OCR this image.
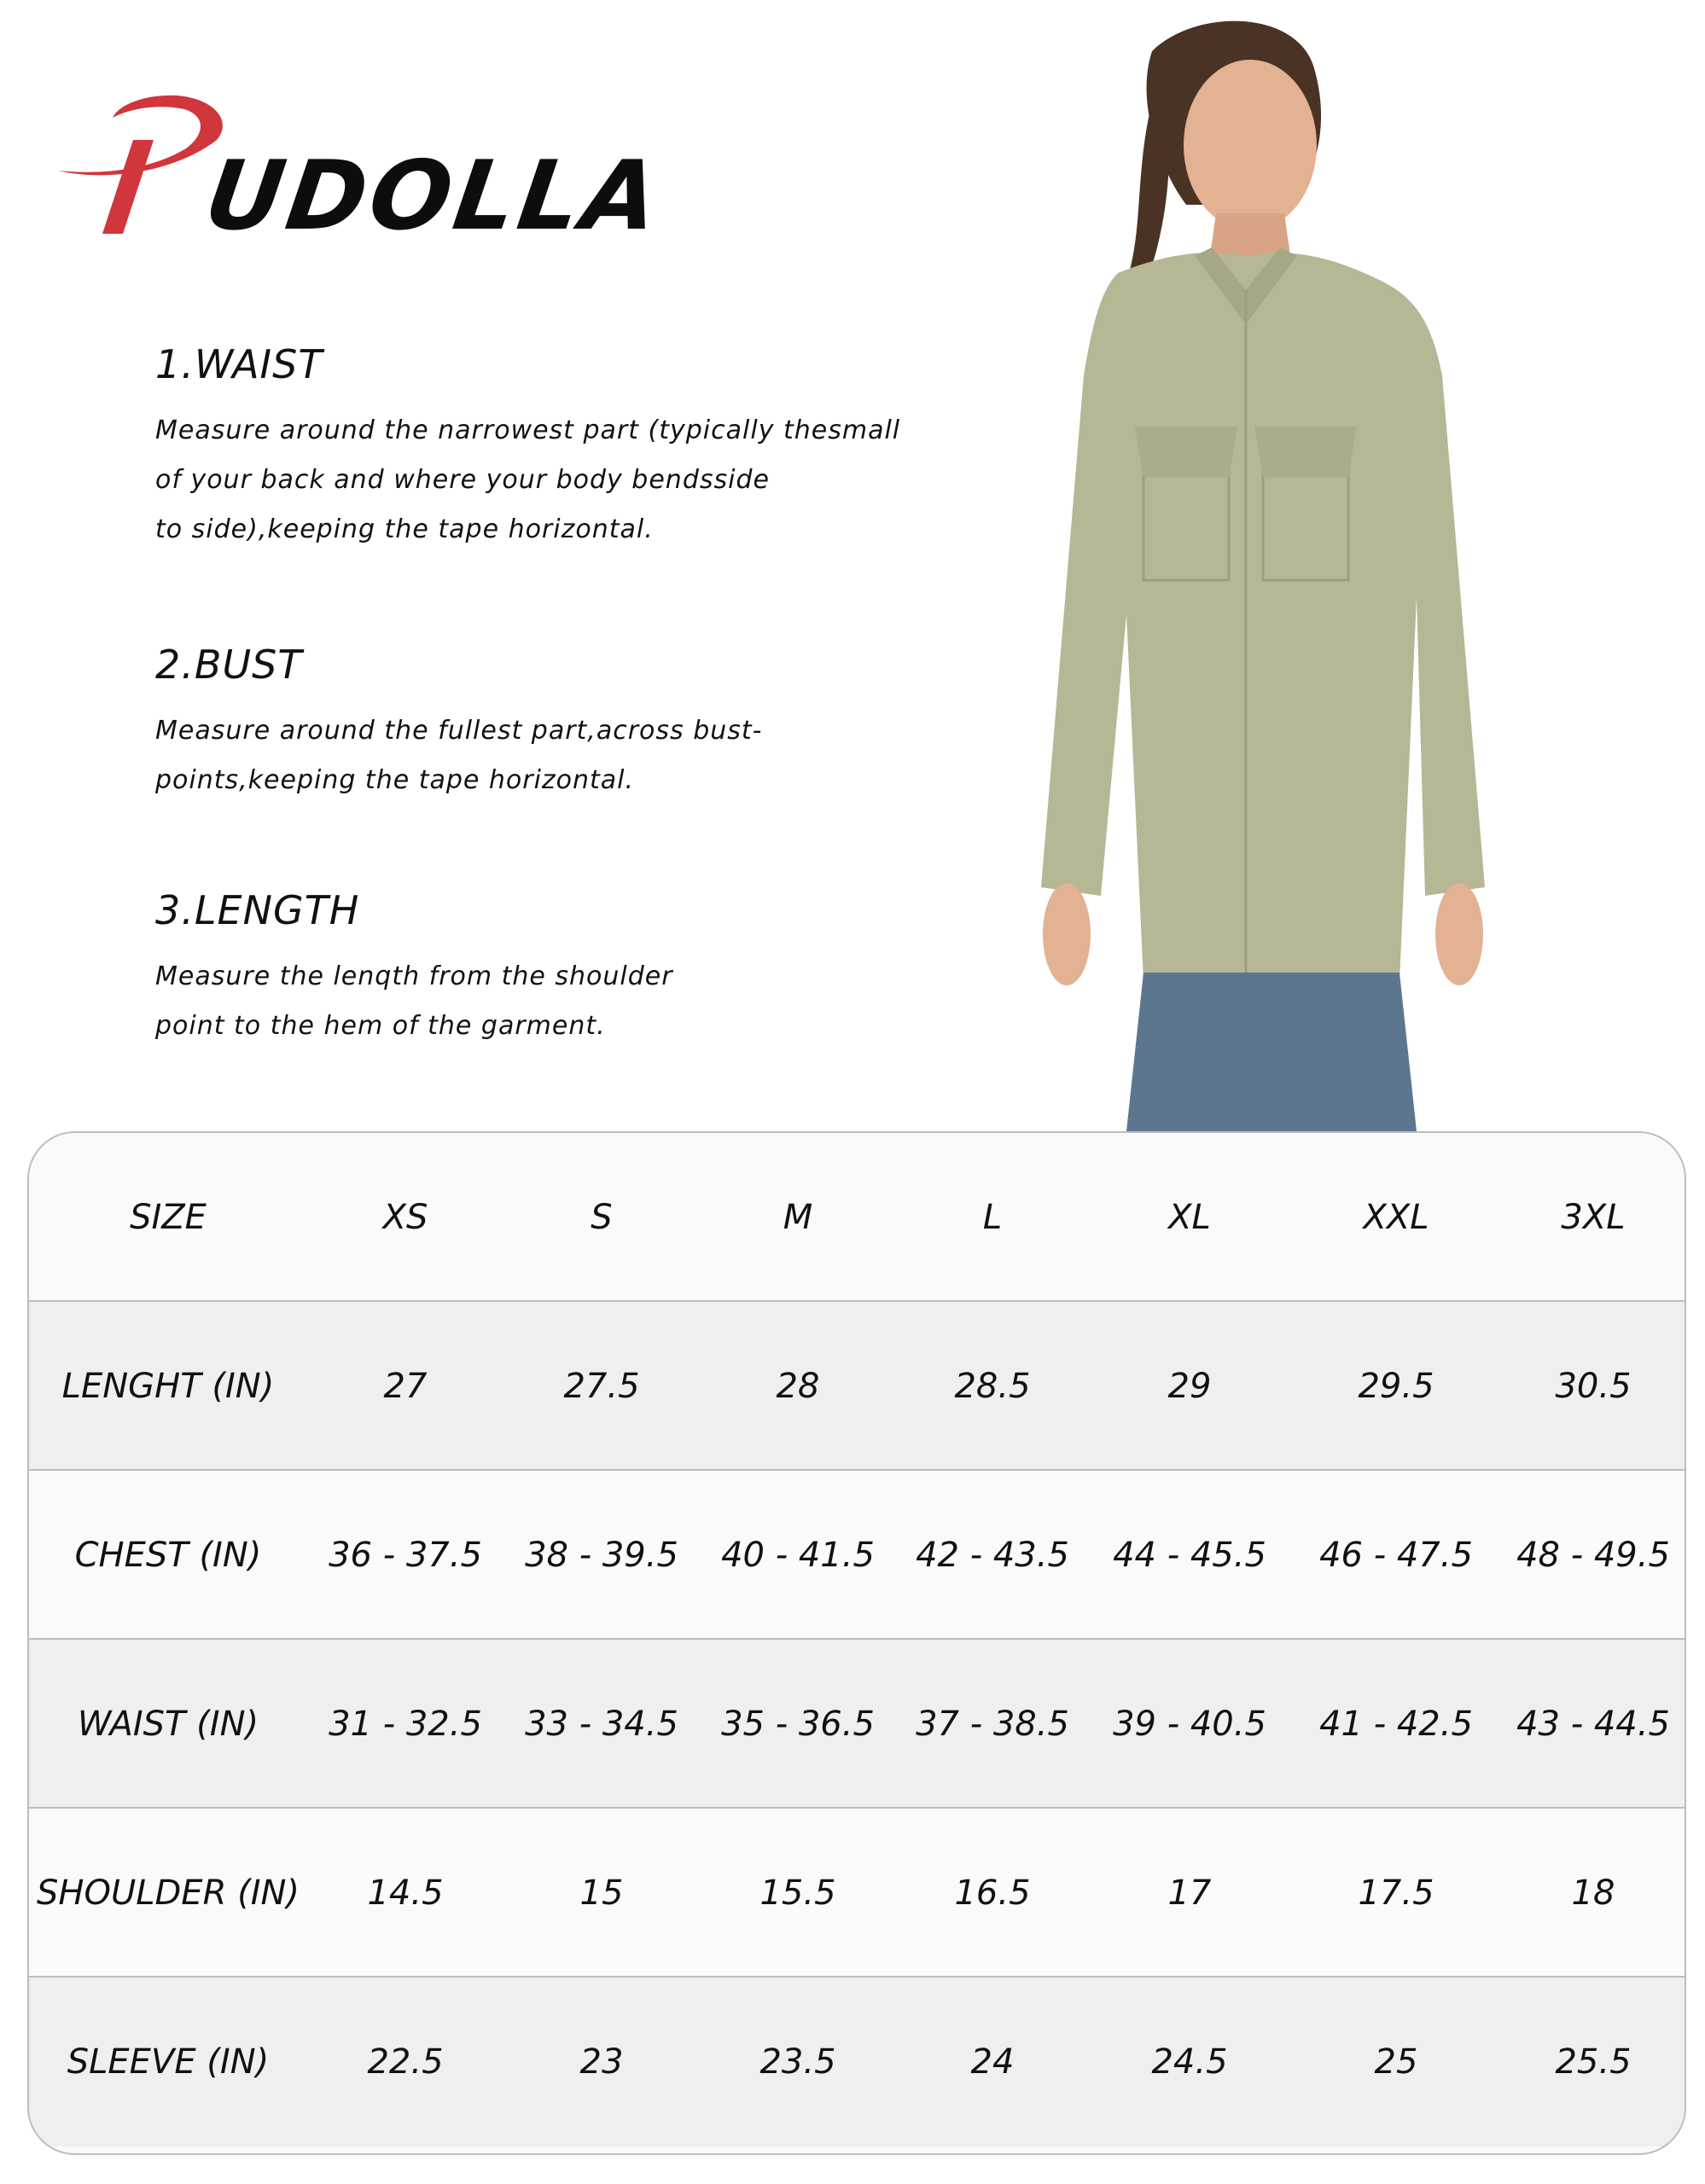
UDOLLA
1.WAIST
Measure around the narrowest part (typically thesmall
of your back and where your body bendsside
to side),keeping the tape horizontal.
2.BUST
Measure around the fullest part,across bust-
points,keeping the tape horizontal.
3.LENGTH
Measure the lenqth from the shoulder
point to the hem of the garment.
SIZE	XS	S	M	L	XL	XXL	3XL
LENGHT (IN)	27	27.5	28	28.5	29	29.5	30.5
CHEST (IN)	36 - 37.5	38 - 39.5	40 - 41.5	42 - 43.5	44 - 45.5	46 - 47.5	48 - 49.5
WAIST (IN)	31 - 32.5	33 - 34.5	35 - 36.5	37 - 38.5	39 - 40.5	41 - 42.5	43 - 44.5
SHOULDER (IN)	14.5	15	15.5	16.5	17	17.5	18
SLEEVE (IN)	22.5	23	23.5	24	24.5	25	25.5
